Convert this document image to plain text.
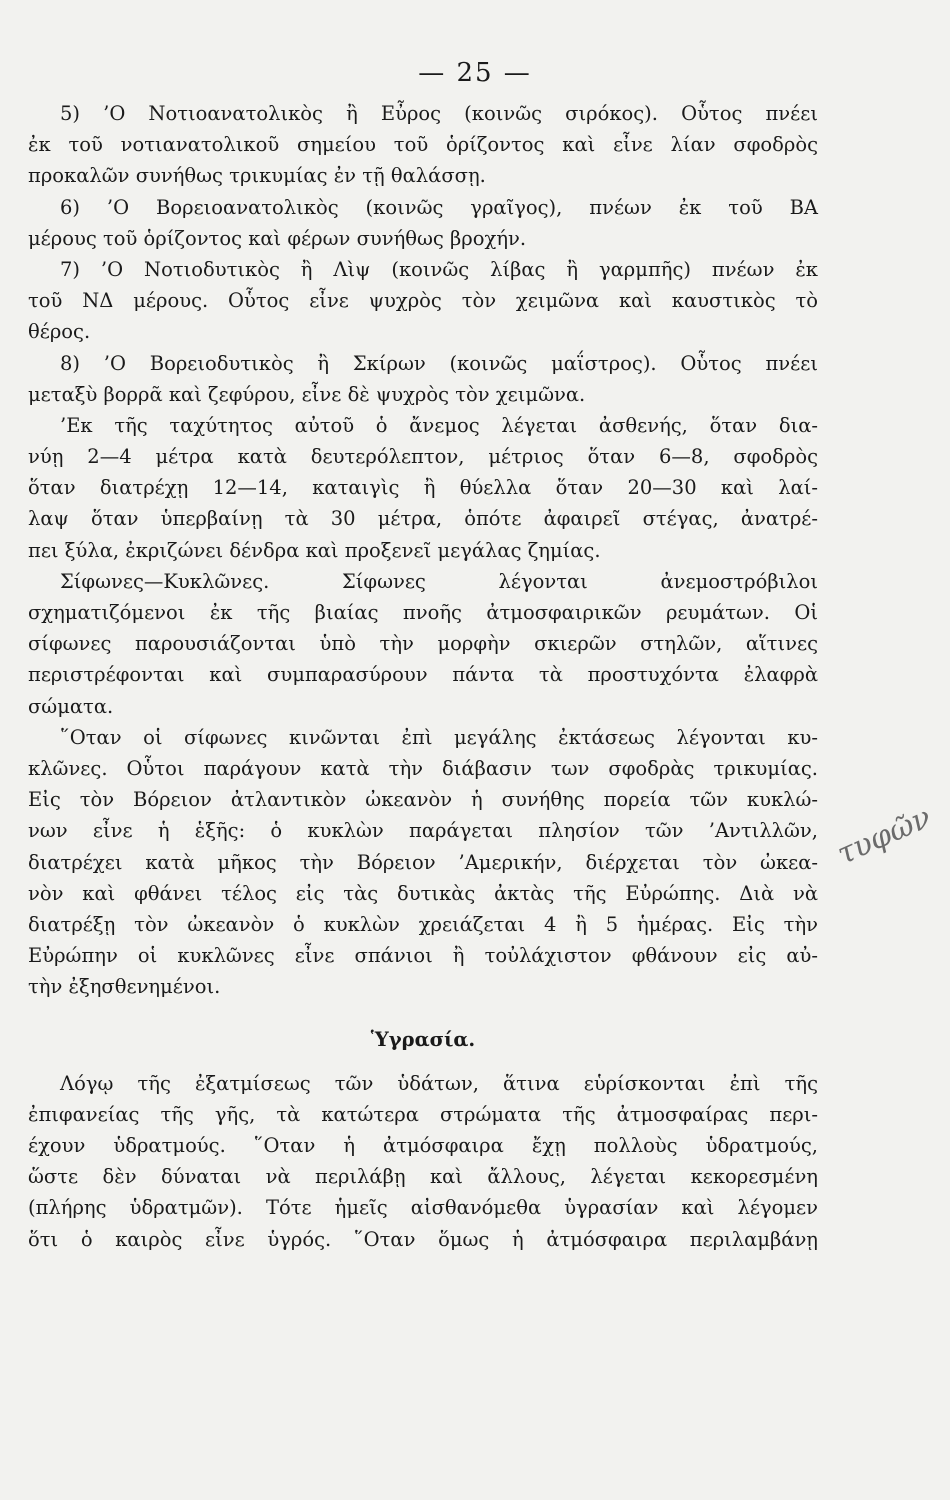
— 25 —
5) ’Ο Νοτιοανατολικὸς ἢ Εὖρος (κοινῶς σιρόκος). Οὗτος πνέει
ἐκ τοῦ νοτιανατολικοῦ σημείου τοῦ ὁρίζοντος καὶ εἶνε λίαν σφοδρὸς
προκαλῶν συνήθως τρικυμίας ἐν τῇ θαλάσσῃ.
6) ’Ο Βορειοανατολικὸς (κοινῶς γραῖγος), πνέων ἐκ τοῦ ΒΑ
μέρους τοῦ ὁρίζοντος καὶ φέρων συνήθως βροχήν.
7) ’Ο Νοτιοδυτικὸς ἢ Λὶψ (κοινῶς λίβας ἢ γαρμπῆς) πνέων ἐκ
τοῦ ΝΔ μέρους. Οὗτος εἶνε ψυχρὸς τὸν χειμῶνα καὶ καυστικὸς τὸ
θέρος.
8) ’Ο Βορειοδυτικὸς ἢ Σκίρων (κοινῶς μαΐστρος). Οὗτος πνέει
μεταξὺ βορρᾶ καὶ ζεφύρου, εἶνε δὲ ψυχρὸς τὸν χειμῶνα.
’Εκ τῆς ταχύτητος αὐτοῦ ὁ ἄνεμος λέγεται ἀσθενής, ὅταν δια-
νύῃ 2—4 μέτρα κατὰ δευτερόλεπτον, μέτριος ὅταν 6—8, σφοδρὸς
ὅταν διατρέχῃ 12—14, καταιγὶς ἢ θύελλα ὅταν 20—30 καὶ λαί-
λαψ ὅταν ὑπερβαίνῃ τὰ 30 μέτρα, ὁπότε ἀφαιρεῖ στέγας, ἀνατρέ-
πει ξύλα, ἐκριζώνει δένδρα καὶ προξενεῖ μεγάλας ζημίας.
Σίφωνες—Κυκλῶνες. Σίφωνες λέγονται ἀνεμοστρόβιλοι
σχηματιζόμενοι ἐκ τῆς βιαίας πνοῆς ἀτμοσφαιρικῶν ρευμάτων. Οἱ
σίφωνες παρουσιάζονται ὑπὸ τὴν μορφὴν σκιερῶν στηλῶν, αἵτινες
περιστρέφονται καὶ συμπαρασύρουν πάντα τὰ προστυχόντα ἐλαφρὰ
σώματα.
῞Οταν οἱ σίφωνες κινῶνται ἐπὶ μεγάλης ἐκτάσεως λέγονται κυ-
κλῶνες. Οὗτοι παράγουν κατὰ τὴν διάβασιν των σφοδρὰς τρικυμίας.
Εἰς τὸν Βόρειον ἀτλαντικὸν ὠκεανὸν ἡ συνήθης πορεία τῶν κυκλώ-
νων εἶνε ἡ ἑξῆς: ὁ κυκλὼν παράγεται πλησίον τῶν ’Αντιλλῶν,
διατρέχει κατὰ μῆκος τὴν Βόρειον ’Αμερικήν, διέρχεται τὸν ὠκεα-
νὸν καὶ φθάνει τέλος εἰς τὰς δυτικὰς ἀκτὰς τῆς Εὐρώπης. Διὰ νὰ
διατρέξῃ τὸν ὠκεανὸν ὁ κυκλὼν χρειάζεται 4 ἢ 5 ἡμέρας. Εἰς τὴν
Εὐρώπην οἱ κυκλῶνες εἶνε σπάνιοι ἢ τοὐλάχιστον φθάνουν εἰς αὐ-
τὴν ἐξησθενημένοι.
Ὑγρασία.
Λόγῳ τῆς ἐξατμίσεως τῶν ὑδάτων, ἅτινα εὑρίσκονται ἐπὶ τῆς
ἐπιφανείας τῆς γῆς, τὰ κατώτερα στρώματα τῆς ἀτμοσφαίρας περι-
έχουν ὑδρατμούς. ῞Οταν ἡ ἀτμόσφαιρα ἔχῃ πολλοὺς ὑδρατμούς,
ὥστε δὲν δύναται νὰ περιλάβῃ καὶ ἄλλους, λέγεται κεκορεσμένη
(πλήρης ὑδρατμῶν). Τότε ἡμεῖς αἰσθανόμεθα ὑγρασίαν καὶ λέγομεν
ὅτι ὁ καιρὸς εἶνε ὑγρός. ῞Οταν ὅμως ἡ ἀτμόσφαιρα περιλαμβάνῃ
τυφῶν
